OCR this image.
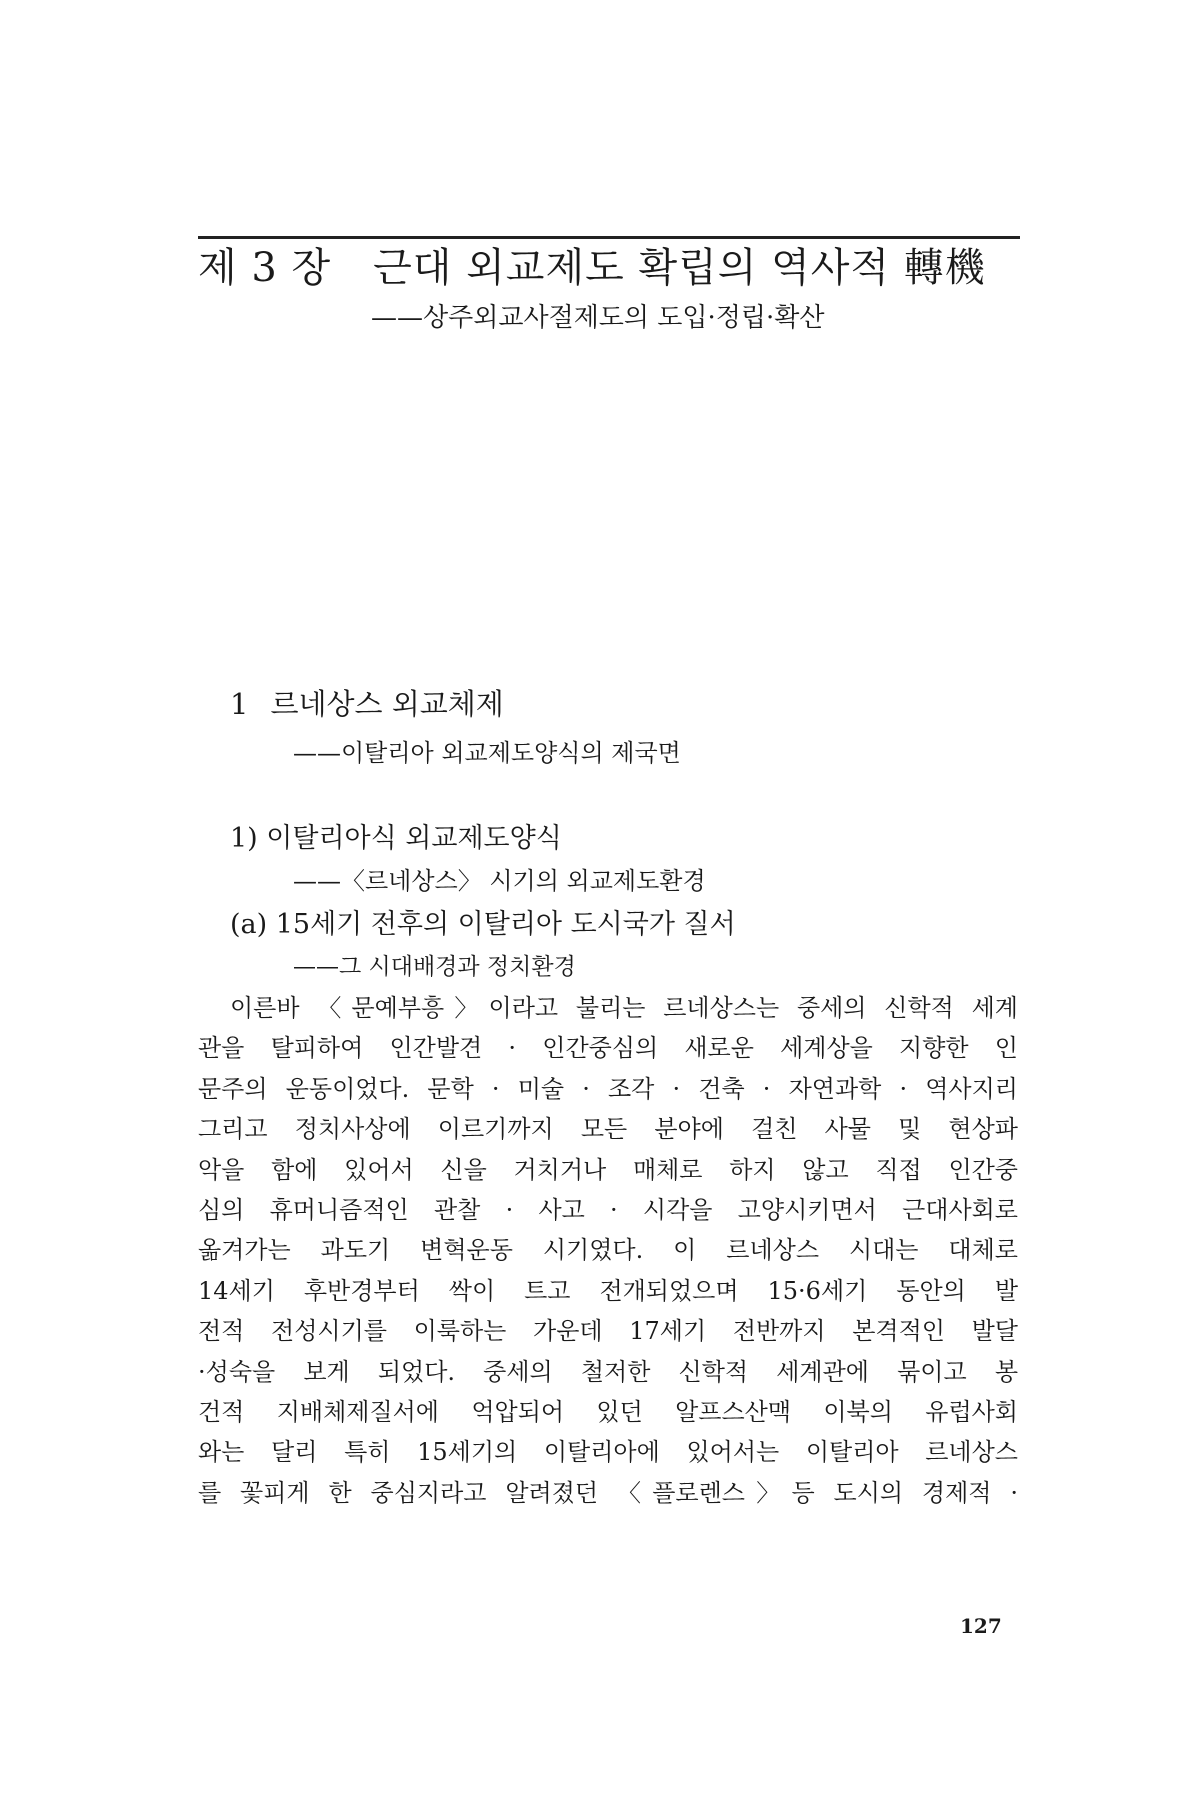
제 3 장 근대 외교제도 확립의 역사적 轉機
——상주외교사절제도의 도입·정립·확산
1 르네상스 외교체제
——이탈리아 외교제도양식의 제국면
1) 이탈리아식 외교제도양식
——〈르네상스〉 시기의 외교제도환경
(a) 15세기 전후의 이탈리아 도시국가 질서
——그 시대배경과 정치환경
이른바 〈문예부흥〉이라고 불리는 르네상스는 중세의 신학적 세계
관을 탈피하여 인간발견 · 인간중심의 새로운 세계상을 지향한 인
문주의 운동이었다. 문학 · 미술 · 조각 · 건축 · 자연과학 · 역사지리
그리고 정치사상에 이르기까지 모든 분야에 걸친 사물 및 현상파
악을 함에 있어서 신을 거치거나 매체로 하지 않고 직접 인간중
심의 휴머니즘적인 관찰 · 사고 · 시각을 고양시키면서 근대사회로
옮겨가는 과도기 변혁운동 시기였다. 이 르네상스 시대는 대체로
14세기 후반경부터 싹이 트고 전개되었으며 15·6세기 동안의 발
전적 전성시기를 이룩하는 가운데 17세기 전반까지 본격적인 발달
·성숙을 보게 되었다. 중세의 철저한 신학적 세계관에 묶이고 봉
건적 지배체제질서에 억압되어 있던 알프스산맥 이북의 유럽사회
와는 달리 특히 15세기의 이탈리아에 있어서는 이탈리아 르네상스
를 꽃피게 한 중심지라고 알려졌던 〈플로렌스〉등 도시의 경제적 ·
127
